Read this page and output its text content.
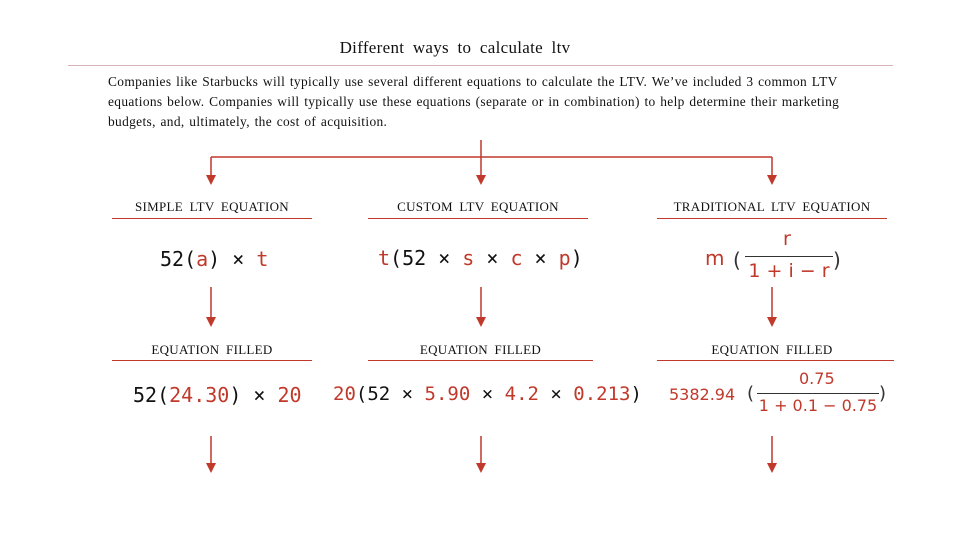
Different ways to calculate ltv
Companies like Starbucks will typically use several different equations to calculate the LTV. We’ve included 3 common LTV equations below. Companies will typically use these equations (separate or in combination) to help determine their marketing budgets, and, ultimately, the cost of acquisition.
SIMPLE LTV EQUATION
52(a) × t
EQUATION FILLED
52(24.30) × 20
CUSTOM LTV EQUATION
t(52 × s × c × p)
EQUATION FILLED
20(52 × 5.90 × 4.2 × 0.213)
TRADITIONAL LTV EQUATION
m (
r
1 + i − r )
EQUATION FILLED
5382.94 (
0.75
1 + 0.1 − 0.75
)
